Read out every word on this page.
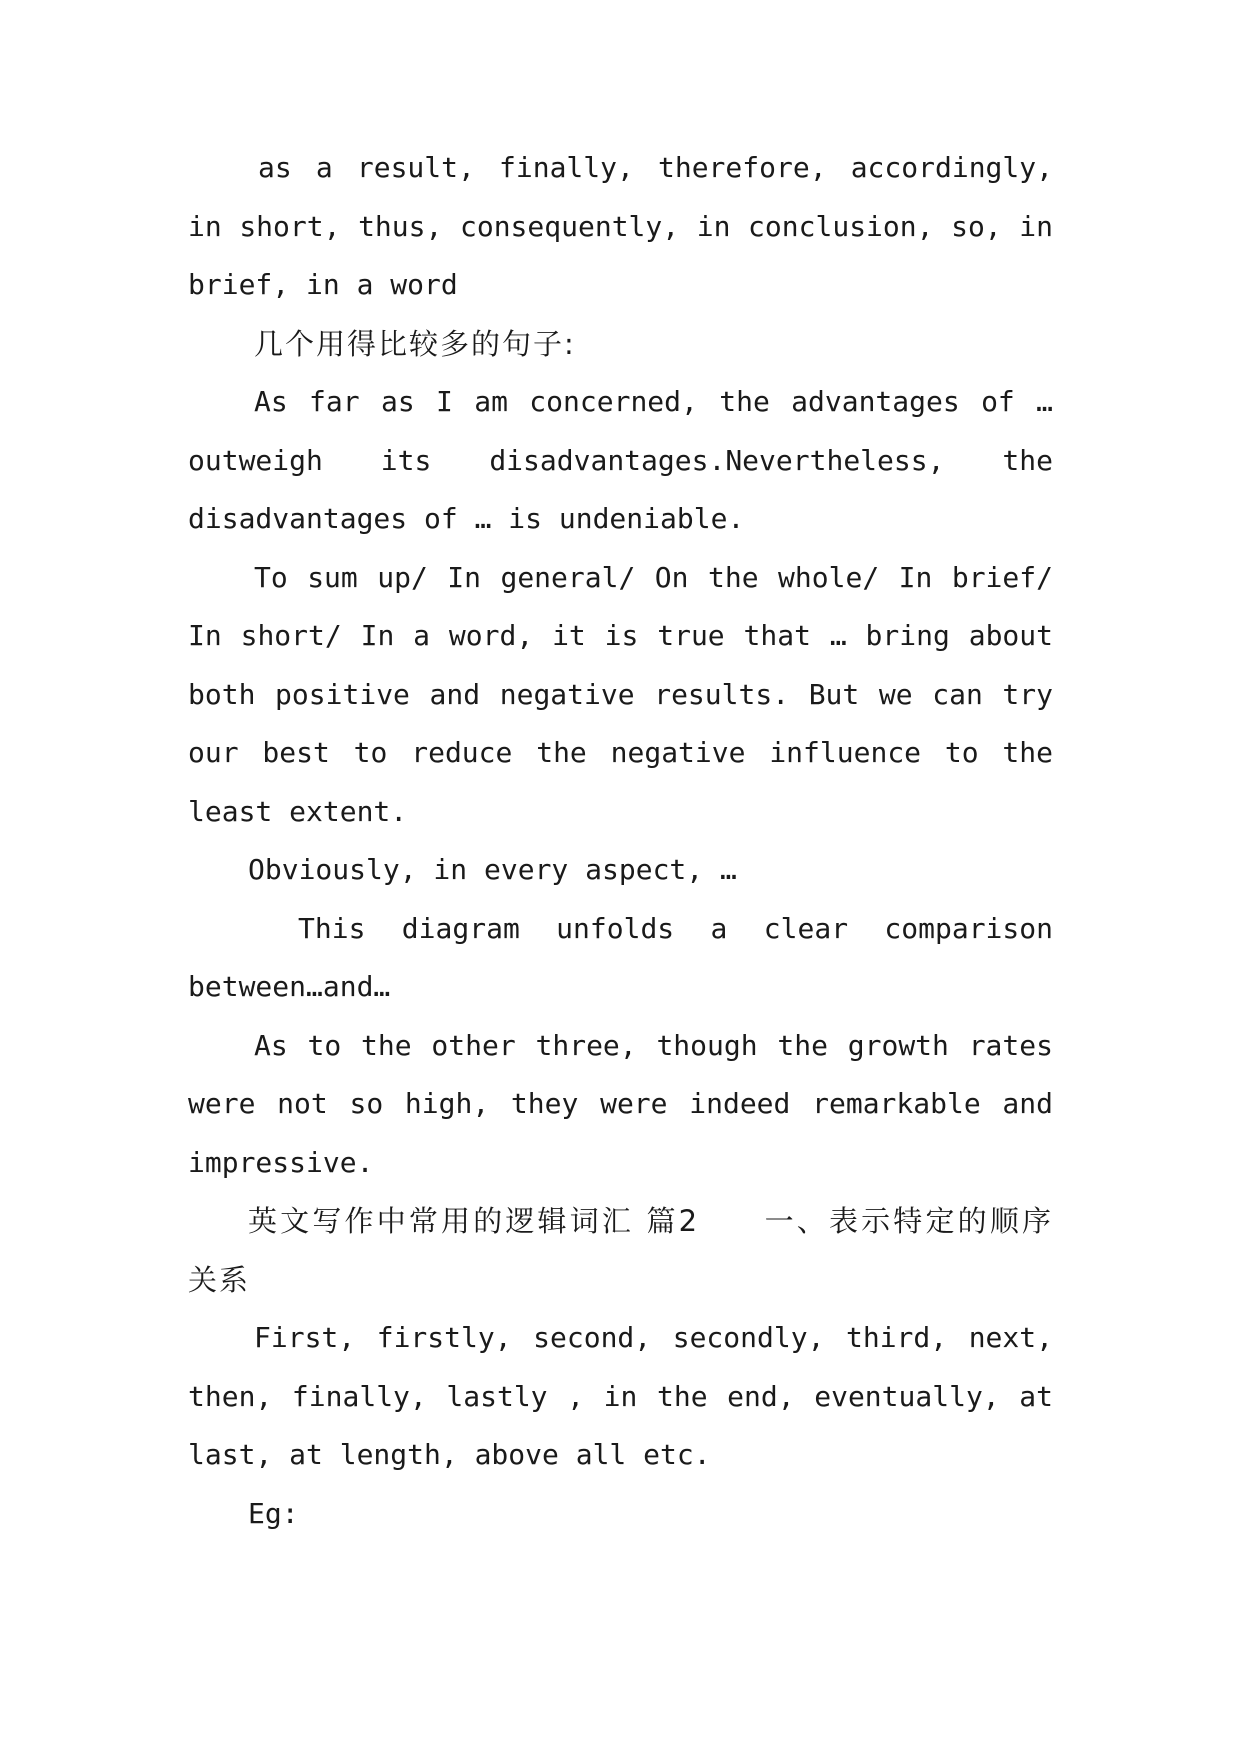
as a result, finally, therefore, accordingly, in short, thus, consequently, in conclusion, so, in brief, in a word

几个用得比较多的句子:

As far as I am concerned, the advantages of … outweigh its disadvantages.Nevertheless, the disadvantages of … is undeniable.

To sum up/ In general/ On the whole/ In brief/ In short/ In a word, it is true that … bring about both positive and negative results. But we can try our best to reduce the negative influence to the least extent.

Obviously, in every aspect, …

This diagram unfolds a clear comparison between…and…

As to the other three, though the growth rates were not so high, they were indeed remarkable and impressive.

英文写作中常用的逻辑词汇 篇2　　一、表示特定的顺序关系

First, firstly, second, secondly, third, next, then, finally, lastly , in the end, eventually, at last, at length, above all etc.

Eg:
